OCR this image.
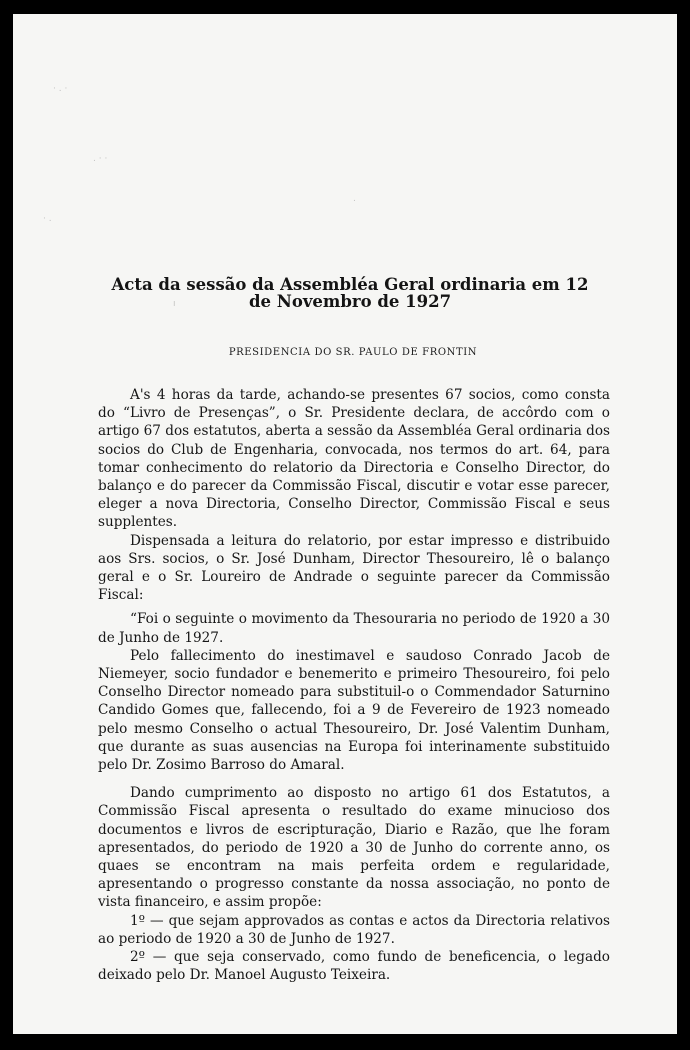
· . ·
. · ·
· .
.
ı
Acta da sessão da Assembléa Geral ordinaria em 12 de Novembro de 1927
PRESIDENCIA DO SR. PAULO DE FRONTIN

A's 4 horas da tarde, achando-se presentes 67 socios, como consta do “Livro de Presenças”, o Sr. Presidente declara, de accôrdo com o artigo 67 dos estatutos, aberta a sessão da Assembléa Geral ordinaria dos socios do Club de Engenharia, convocada, nos termos do art. 64, para tomar conhecimento do relatorio da Directoria e Conselho Director, do balanço e do parecer da Commissão Fiscal, discutir e votar esse parecer, eleger a nova Directoria, Conselho Director, Commissão Fiscal e seus supplentes.

Dispensada a leitura do relatorio, por estar impresso e distribuido aos Srs. socios, o Sr. José Dunham, Director Thesoureiro, lê o balanço geral e o Sr. Loureiro de Andrade o seguinte parecer da Commissão Fiscal:

“Foi o seguinte o movimento da Thesouraria no periodo de 1920 a 30 de Junho de 1927.

Pelo fallecimento do inestimavel e saudoso Conrado Jacob de Niemeyer, socio fundador e benemerito e primeiro Thesoureiro, foi pelo Conselho Director nomeado para substituil-o o Commendador Saturnino Candido Gomes que, fallecendo, foi a 9 de Fevereiro de 1923 nomeado pelo mesmo Conselho o actual Thesoureiro, Dr. José Valentim Dunham, que durante as suas ausencias na Europa foi interinamente substituido pelo Dr. Zosimo Barroso do Amaral.

Dando cumprimento ao disposto no artigo 61 dos Estatutos, a Commissão Fiscal apresenta o resultado do exame minucioso dos documentos e livros de escripturação, Diario e Razão, que lhe foram apresentados, do periodo de 1920 a 30 de Junho do corrente anno, os quaes se encontram na mais perfeita ordem e regularidade, apresentando o progresso constante da nossa associação, no ponto de vista financeiro, e assim propõe:

1º — que sejam approvados as contas e actos da Directoria relativos ao periodo de 1920 a 30 de Junho de 1927.

2º — que seja conservado, como fundo de beneficencia, o legado deixado pelo Dr. Manoel Augusto Teixeira.
